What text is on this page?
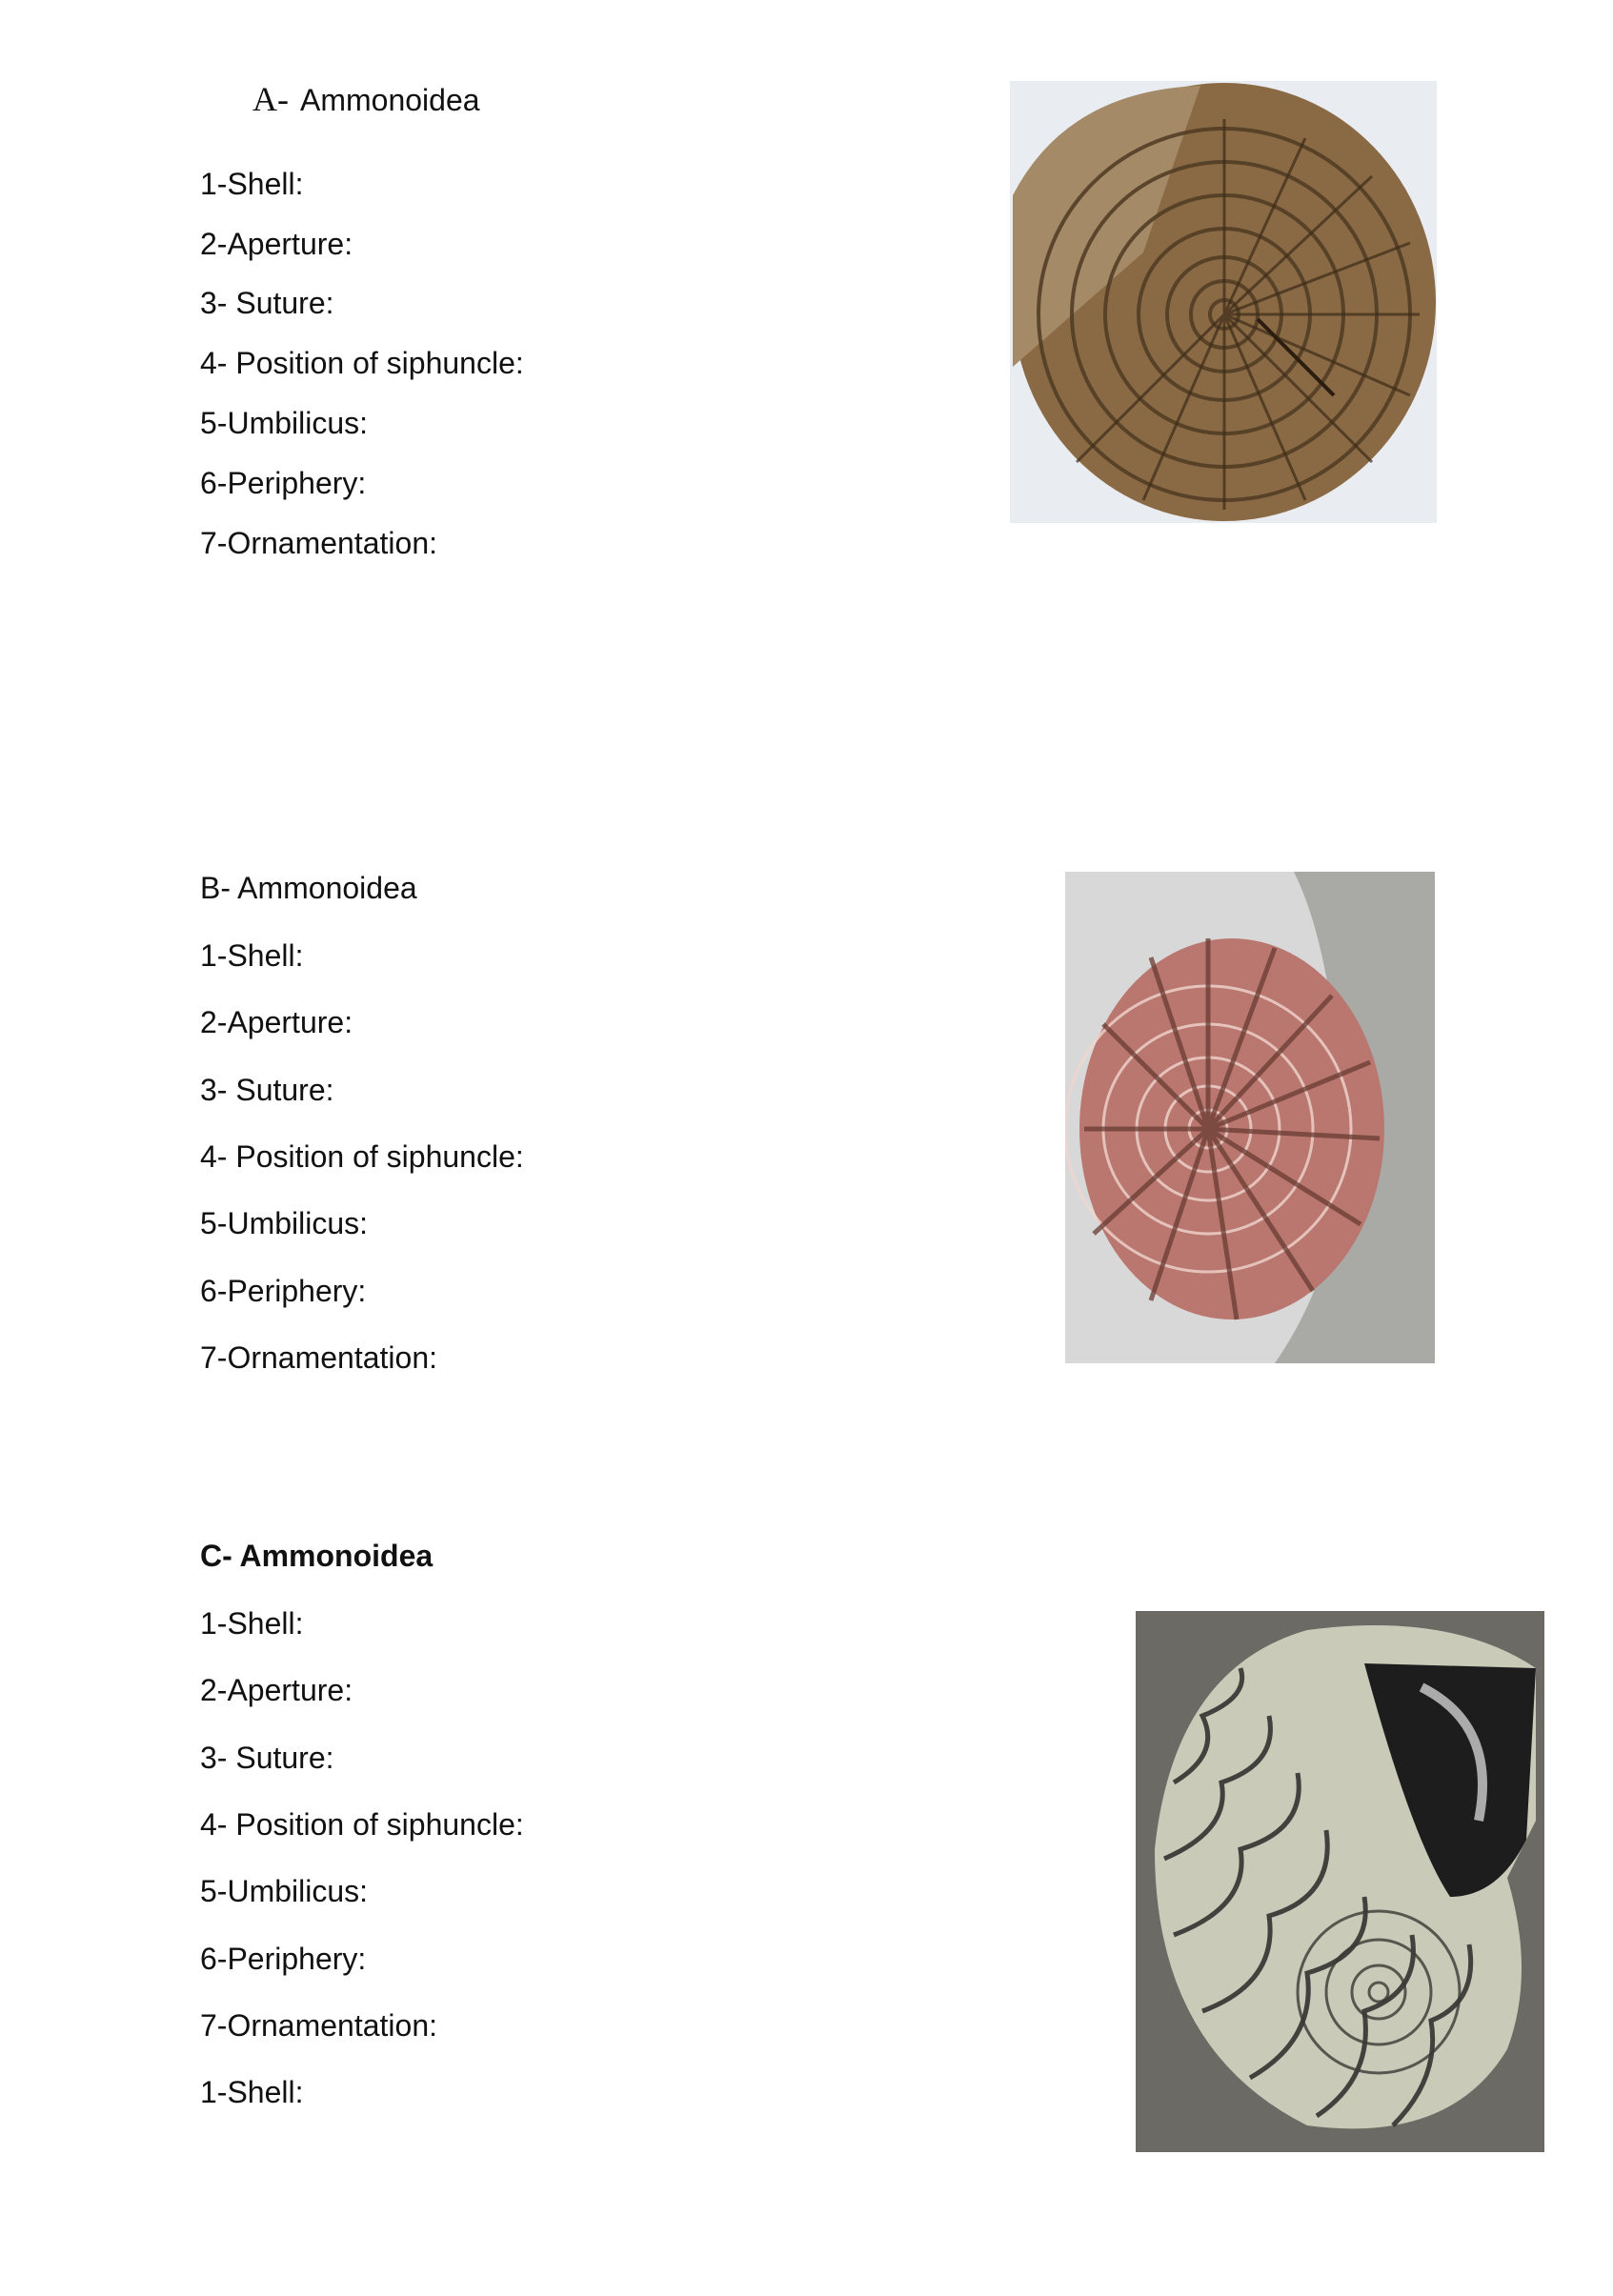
A- Ammonoidea
1-Shell:
2-Aperture:
3- Suture:
4- Position of siphuncle:
5-Umbilicus:
6-Periphery:
7-Ornamentation:
B- Ammonoidea
1-Shell:
2-Aperture:
3- Suture:
4- Position of siphuncle:
5-Umbilicus:
6-Periphery:
7-Ornamentation:
C- Ammonoidea
1-Shell:
2-Aperture:
3- Suture:
4- Position of siphuncle:
5-Umbilicus:
6-Periphery:
7-Ornamentation:
1-Shell:
